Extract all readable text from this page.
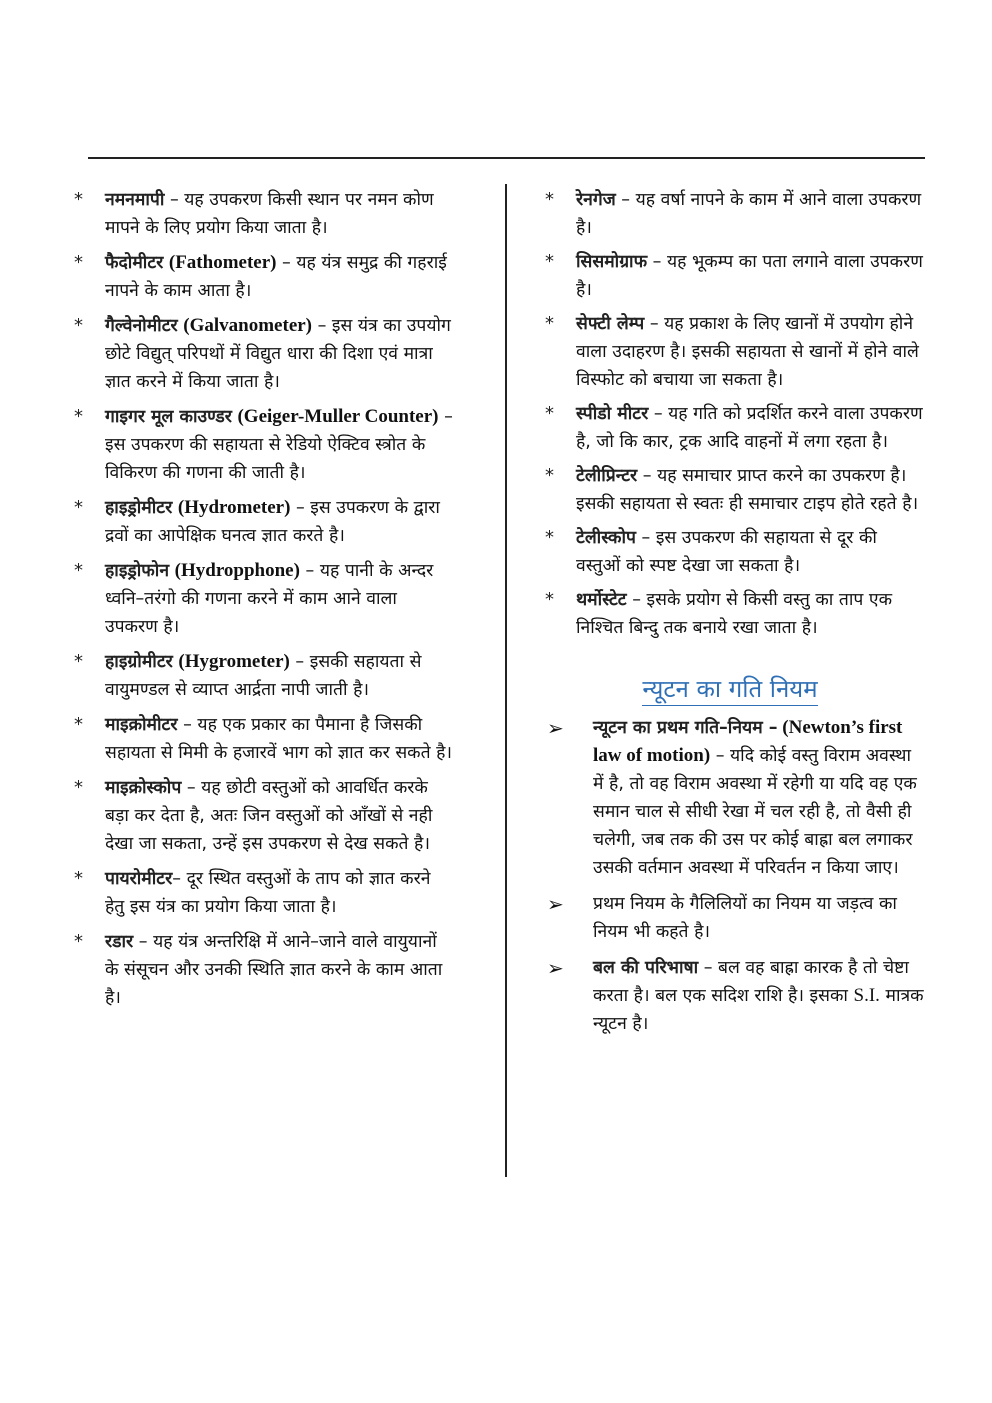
* नमनमापी – यह उपकरण किसी स्थान पर नमन कोण मापने के लिए प्रयोग किया जाता है।
* फैदोमीटर (Fathometer) – यह यंत्र समुद्र की गहराई नापने के काम आता है।
* गैल्वेनोमीटर (Galvanometer) – इस यंत्र का उपयोग छोटे विद्युत् परिपथों में विद्युत धारा की दिशा एवं मात्रा ज्ञात करने में किया जाता है।
* गाइगर मूल काउण्डर (Geiger-Muller Counter) – इस उपकरण की सहायता से रेडियो ऐक्टिव स्त्रोत के विकिरण की गणना की जाती है।
* हाइड्रोमीटर (Hydrometer) – इस उपकरण के द्वारा द्रवों का आपेक्षिक घनत्व ज्ञात करते है।
* हाइड्रोफोन (Hydropphone) – यह पानी के अन्दर ध्वनि–तरंगो की गणना करने में काम आने वाला उपकरण है।
* हाइग्रोमीटर (Hygrometer) – इसकी सहायता से वायुमण्डल से व्याप्त आर्द्रता नापी जाती है।
* माइक्रोमीटर – यह एक प्रकार का पैमाना है जिसकी सहायता से मिमी के हजारवें भाग को ज्ञात कर सकते है।
* माइक्रोस्कोप – यह छोटी वस्तुओं को आवर्धित करके बड़ा कर देता है, अतः जिन वस्तुओं को आँखों से नही देखा जा सकता, उन्हें इस उपकरण से देख सकते है।
* पायरोमीटर– दूर स्थित वस्तुओं के ताप को ज्ञात करने हेतु इस यंत्र का प्रयोग किया जाता है।
* रडार – यह यंत्र अन्तरिक्षि में आने–जाने वाले वायुयानों के संसूचन और उनकी स्थिति ज्ञात करने के काम आता है।
* रेनगेज – यह वर्षा नापने के काम में आने वाला उपकरण है।
* सिसमोग्राफ – यह भूकम्प का पता लगाने वाला उपकरण है।
* सेफ्टी लेम्प – यह प्रकाश के लिए खानों में उपयोग होने वाला उदाहरण है। इसकी सहायता से खानों में होने वाले विस्फोट को बचाया जा सकता है।
* स्पीडो मीटर – यह गति को प्रदर्शित करने वाला उपकरण है, जो कि कार, ट्रक आदि वाहनों में लगा रहता है।
* टेलीप्रिन्टर – यह समाचार प्राप्त करने का उपकरण है। इसकी सहायता से स्वतः ही समाचार टाइप होते रहते है।
* टेलीस्कोप – इस उपकरण की सहायता से दूर की वस्तुओं को स्पष्ट देखा जा सकता है।
* थर्मोस्टेट – इसके प्रयोग से किसी वस्तु का ताप एक निश्चित बिन्दु तक बनाये रखा जाता है।
न्यूटन का गति नियम
➢ न्यूटन का प्रथम गति–नियम – (Newton’s first law of motion) – यदि कोई वस्तु विराम अवस्था में है, तो वह विराम अवस्था में रहेगी या यदि वह एक समान चाल से सीधी रेखा में चल रही है, तो वैसी ही चलेगी, जब तक की उस पर कोई बाह्रा बल लगाकर उसकी वर्तमान अवस्था में परिवर्तन न किया जाए।
➢ प्रथम नियम के गैलिलियों का नियम या जड़त्व का नियम भी कहते है।
➢ बल की परिभाषा – बल वह बाह्रा कारक है तो चेष्टा करता है। बल एक सदिश राशि है। इसका S.I. मात्रक न्यूटन है।
